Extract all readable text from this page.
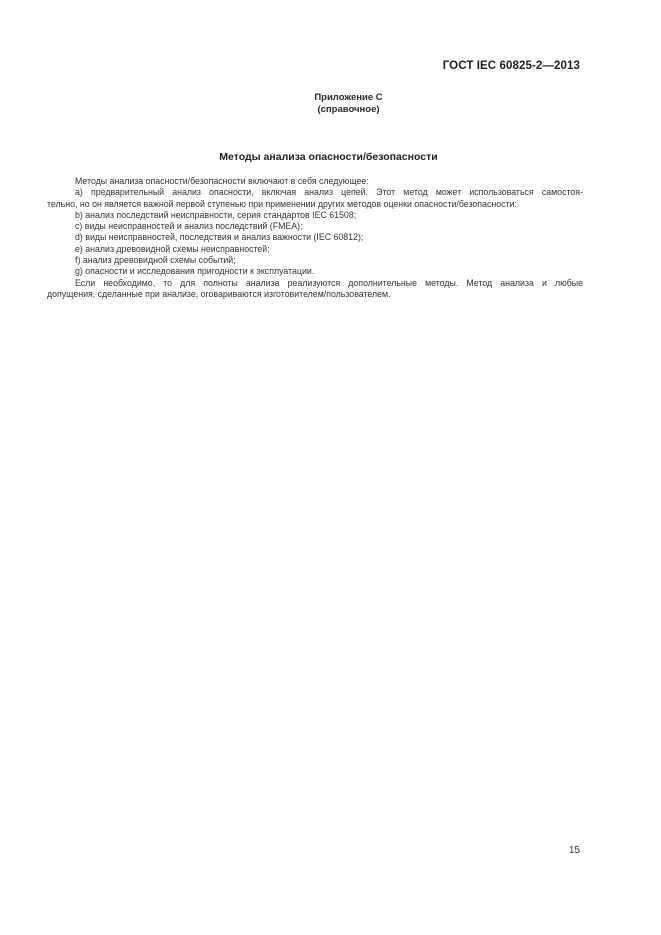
ГОСТ IEC 60825-2—2013
Приложение С
(справочное)
Методы анализа опасности/безопасности

Методы анализа опасности/безопасности включают в себя следующее:

а) предварительный анализ опасности, включая анализ цепей. Этот метод может использоваться самостоя-

тельно, но он является важной первой ступенью при применении других методов оценки опасности/безопасности:

b) анализ последствий неисправности, серия стандартов IEC 61508;

с) виды неисправностей и анализ последствий (FMEA);

d) виды неисправностей, последствия и анализ важности (IEC 60812);

е) анализ древовидной схемы неисправностей;

f) анализ древовидной схемы событий;

g) опасности и исследования пригодности к эксплуатации.

Если необходимо, то для полноты анализа реализуются дополнительные методы. Метод анализа и любые

допущения, сделанные при анализе, оговариваются изготовителем/пользователем.

15
